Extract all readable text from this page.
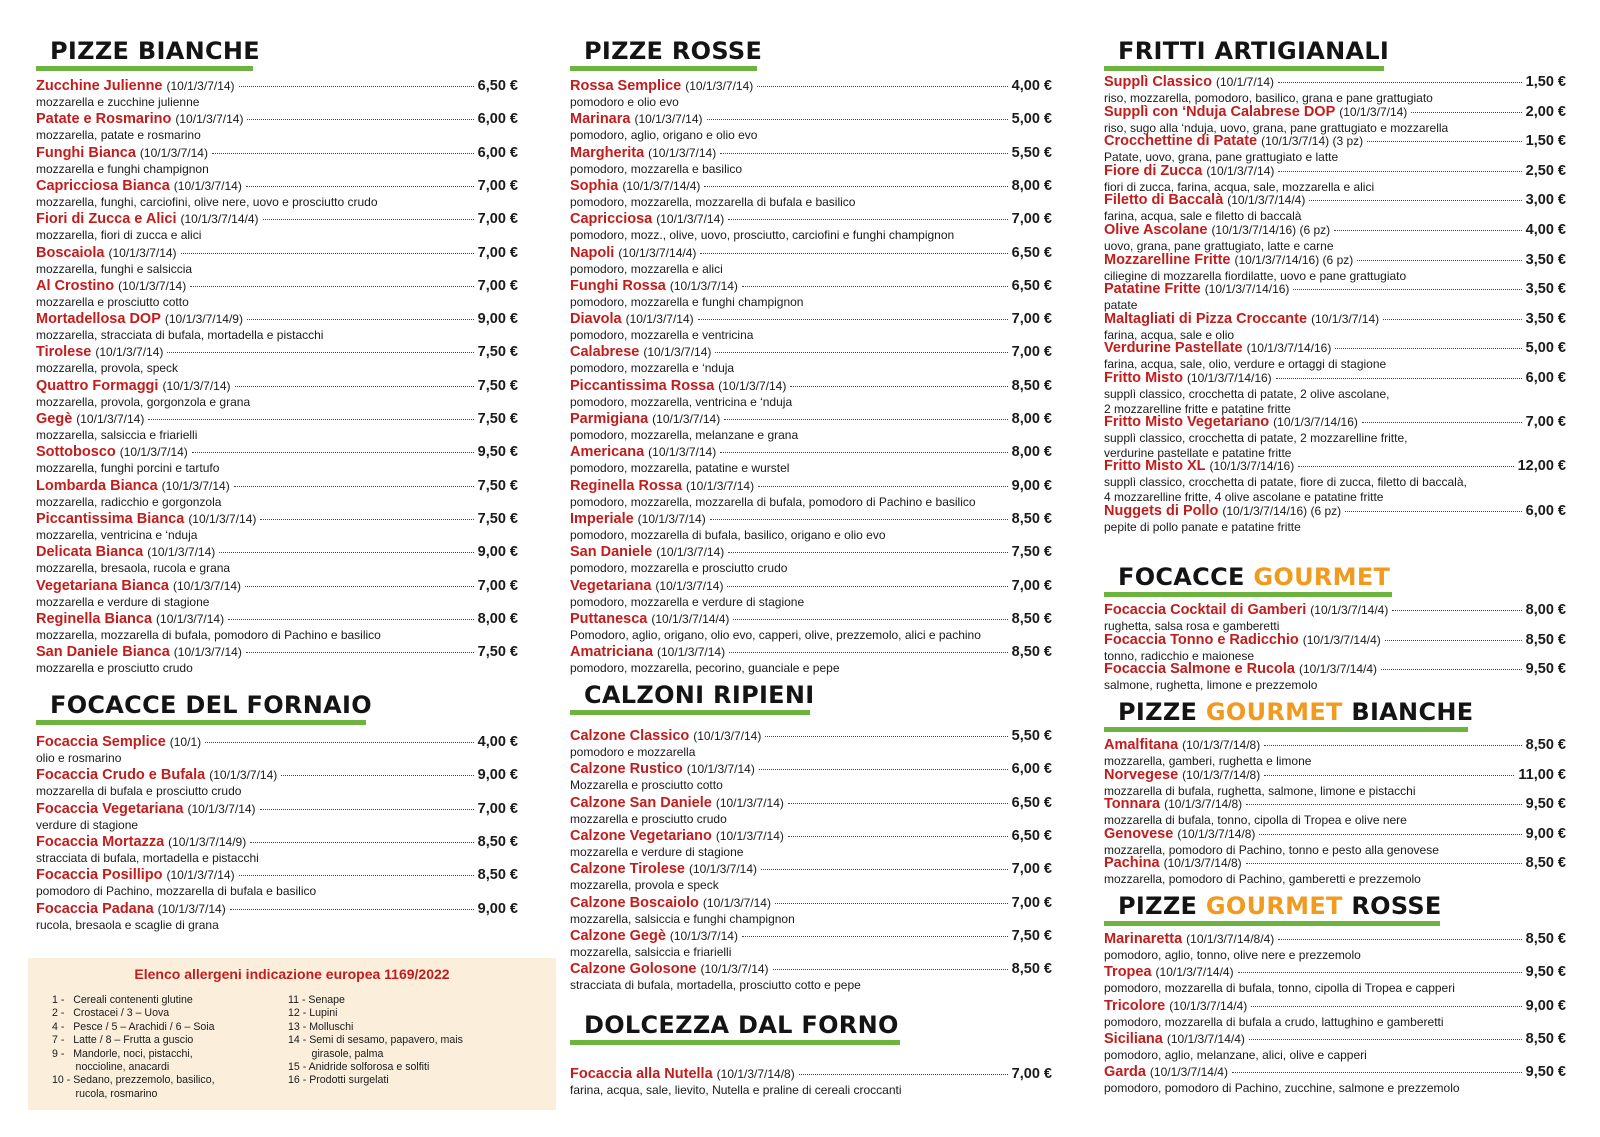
PIZZE BIANCHE
Zucchine Julienne (10/1/3/7/14)	6,50 €
mozzarella e zucchine julienne
Patate e Rosmarino (10/1/3/7/14)	6,00 €
mozzarella, patate e rosmarino
Funghi Bianca (10/1/3/7/14)	6,00 €
mozzarella e funghi champignon
Capricciosa Bianca (10/1/3/7/14)	7,00 €
mozzarella, funghi, carciofini, olive nere, uovo e prosciutto crudo
Fiori di Zucca e Alici (10/1/3/7/14/4)	7,00 €
mozzarella, fiori di zucca e alici
Boscaiola (10/1/3/7/14)	7,00 €
mozzarella, funghi e salsiccia
Al Crostino (10/1/3/7/14)	7,00 €
mozzarella e prosciutto cotto
Mortadellosa DOP (10/1/3/7/14/9)	9,00 €
mozzarella, stracciata di bufala, mortadella e pistacchi
Tirolese (10/1/3/7/14)	7,50 €
mozzarella, provola, speck
Quattro Formaggi (10/1/3/7/14)	7,50 €
mozzarella, provola, gorgonzola e grana
Gegè (10/1/3/7/14)	7,50 €
mozzarella, salsiccia e friarielli
Sottobosco (10/1/3/7/14)	9,50 €
mozzarella, funghi porcini e tartufo
Lombarda Bianca (10/1/3/7/14)	7,50 €
mozzarella, radicchio e gorgonzola
Piccantissima Bianca (10/1/3/7/14)	7,50 €
mozzarella, ventricina e ‘nduja
Delicata Bianca (10/1/3/7/14)	9,00 €
mozzarella, bresaola, rucola e grana
Vegetariana Bianca (10/1/3/7/14)	7,00 €
mozzarella e verdure di stagione
Reginella Bianca (10/1/3/7/14)	8,00 €
mozzarella, mozzarella di bufala, pomodoro di Pachino e basilico
San Daniele Bianca (10/1/3/7/14)	7,50 €
mozzarella e prosciutto crudo
FOCACCE DEL FORNAIO
Focaccia Semplice (10/1)	4,00 €
olio e rosmarino
Focaccia Crudo e Bufala (10/1/3/7/14)	9,00 €
mozzarella di bufala e prosciutto crudo
Focaccia Vegetariana (10/1/3/7/14)	7,00 €
verdure di stagione
Focaccia Mortazza (10/1/3/7/14/9)	8,50 €
stracciata di bufala, mortadella e pistacchi
Focaccia Posillipo (10/1/3/7/14)	8,50 €
pomodoro di Pachino, mozzarella di bufala e basilico
Focaccia Padana (10/1/3/7/14)	9,00 €
rucola, bresaola e scaglie di grana
Elenco allergeni indicazione europea 1169/2022
1 -   Cereali contenenti glutine
2 -   Crostacei / 3 – Uova
4 -   Pesce / 5 – Arachidi / 6 – Soia
7 -   Latte / 8 – Frutta a guscio
9 -   Mandorle, noci, pistacchi,
noccioline, anacardi
10 - Sedano, prezzemolo, basilico,
rucola, rosmarino
11 - Senape
12 - Lupini
13 - Molluschi
14 - Semi di sesamo, papavero, mais
girasole, palma
15 - Anidride solforosa e solfiti
16 - Prodotti surgelati
PIZZE ROSSE
Rossa Semplice (10/1/3/7/14)	4,00 €
pomodoro e olio evo
Marinara (10/1/3/7/14)	5,00 €
pomodoro, aglio, origano e olio evo
Margherita (10/1/3/7/14)	5,50 €
pomodoro, mozzarella e basilico
Sophia (10/1/3/7/14/4)	8,00 €
pomodoro, mozzarella, mozzarella di bufala e basilico
Capricciosa (10/1/3/7/14)	7,00 €
pomodoro, mozz., olive, uovo, prosciutto, carciofini e funghi champignon
Napoli (10/1/3/7/14/4)	6,50 €
pomodoro, mozzarella e alici
Funghi Rossa (10/1/3/7/14)	6,50 €
pomodoro, mozzarella e funghi champignon
Diavola (10/1/3/7/14)	7,00 €
pomodoro, mozzarella e ventricina
Calabrese (10/1/3/7/14)	7,00 €
pomodoro, mozzarella e ‘nduja
Piccantissima Rossa (10/1/3/7/14)	8,50 €
pomodoro, mozzarella, ventricina e ‘nduja
Parmigiana (10/1/3/7/14)	8,00 €
pomodoro, mozzarella, melanzane e grana
Americana (10/1/3/7/14)	8,00 €
pomodoro, mozzarella, patatine e wurstel
Reginella Rossa (10/1/3/7/14)	9,00 €
pomodoro, mozzarella, mozzarella di bufala, pomodoro di Pachino e basilico
Imperiale (10/1/3/7/14)	8,50 €
pomodoro, mozzarella di bufala, basilico, origano e olio evo
San Daniele (10/1/3/7/14)	7,50 €
pomodoro, mozzarella e prosciutto crudo
Vegetariana (10/1/3/7/14)	7,00 €
pomodoro, mozzarella e verdure di stagione
Puttanesca (10/1/3/7/14/4)	8,50 €
Pomodoro, aglio, origano, olio evo, capperi, olive, prezzemolo, alici e pachino
Amatriciana (10/1/3/7/14)	8,50 €
pomodoro, mozzarella, pecorino, guanciale e pepe
CALZONI RIPIENI
Calzone Classico (10/1/3/7/14)	5,50 €
pomodoro e mozzarella
Calzone Rustico (10/1/3/7/14)	6,00 €
Mozzarella e prosciutto cotto
Calzone San Daniele (10/1/3/7/14)	6,50 €
mozzarella e prosciutto crudo
Calzone Vegetariano (10/1/3/7/14)	6,50 €
mozzarella e verdure di stagione
Calzone Tirolese (10/1/3/7/14)	7,00 €
mozzarella, provola e speck
Calzone Boscaiolo (10/1/3/7/14)	7,00 €
mozzarella, salsiccia e funghi champignon
Calzone Gegè (10/1/3/7/14)	7,50 €
mozzarella, salsiccia e friarielli
Calzone Golosone (10/1/3/7/14)	8,50 €
stracciata di bufala, mortadella, prosciutto cotto e pepe
DOLCEZZA DAL FORNO
Focaccia alla Nutella (10/1/3/7/14/8)	7,00 €
farina, acqua, sale, lievito, Nutella e praline di cereali croccanti
FRITTI ARTIGIANALI
Supplì Classico (10/1/7/14)	1,50 €
riso, mozzarella, pomodoro, basilico, grana e pane grattugiato
Supplì con ‘Nduja Calabrese DOP (10/1/3/7/14)	2,00 €
riso, sugo alla ‘nduja, uovo, grana, pane grattugiato e mozzarella
Crocchettine di Patate (10/1/3/7/14) (3 pz)	1,50 €
Patate, uovo, grana, pane grattugiato e latte
Fiore di Zucca (10/1/3/7/14)	2,50 €
fiori di zucca, farina, acqua, sale, mozzarella e alici
Filetto di Baccalà (10/1/3/7/14/4)	3,00 €
farina, acqua, sale e filetto di baccalà
Olive Ascolane (10/1/3/7/14/16) (6 pz)	4,00 €
uovo, grana, pane grattugiato, latte e carne
Mozzarelline Fritte (10/1/3/7/14/16) (6 pz)	3,50 €
ciliegine di mozzarella fiordilatte, uovo e pane grattugiato
Patatine Fritte (10/1/3/7/14/16)	3,50 €
patate
Maltagliati di Pizza Croccante (10/1/3/7/14)	3,50 €
farina, acqua, sale e olio
Verdurine Pastellate (10/1/3/7/14/16)	5,00 €
farina, acqua, sale, olio, verdure e ortaggi di stagione
Fritto Misto (10/1/3/7/14/16)	6,00 €
supplì classico, crocchetta di patate, 2 olive ascolane,
2 mozzarelline fritte e patatine fritte
Fritto Misto Vegetariano (10/1/3/7/14/16)	7,00 €
supplì classico, crocchetta di patate, 2 mozzarelline fritte,
verdurine pastellate e patatine fritte
Fritto Misto XL (10/1/3/7/14/16)	12,00 €
supplì classico, crocchetta di patate, fiore di zucca, filetto di baccalà,
4 mozzarelline fritte, 4 olive ascolane e patatine fritte
Nuggets di Pollo (10/1/3/7/14/16) (6 pz)	6,00 €
pepite di pollo panate e patatine fritte
FOCACCE GOURMET
Focaccia Cocktail di Gamberi (10/1/3/7/14/4)	8,00 €
rughetta, salsa rosa e gamberetti
Focaccia Tonno e Radicchio (10/1/3/7/14/4)	8,50 €
tonno, radicchio e maionese
Focaccia Salmone e Rucola (10/1/3/7/14/4)	9,50 €
salmone, rughetta, limone e prezzemolo
PIZZE GOURMET BIANCHE
Amalfitana (10/1/3/7/14/8)	8,50 €
mozzarella, gamberi, rughetta e limone
Norvegese (10/1/3/7/14/8)	11,00 €
mozzarella di bufala, rughetta, salmone, limone e pistacchi
Tonnara (10/1/3/7/14/8)	9,50 €
mozzarella di bufala, tonno, cipolla di Tropea e olive nere
Genovese (10/1/3/7/14/8)	9,00 €
mozzarella, pomodoro di Pachino, tonno e pesto alla genovese
Pachina (10/1/3/7/14/8)	8,50 €
mozzarella, pomodoro di Pachino, gamberetti e prezzemolo
PIZZE GOURMET ROSSE
Marinaretta (10/1/3/7/14/8/4)	8,50 €
pomodoro, aglio, tonno, olive nere e prezzemolo
Tropea (10/1/3/7/14/4)	9,50 €
pomodoro, mozzarella di bufala, tonno, cipolla di Tropea e capperi
Tricolore (10/1/3/7/14/4)	9,00 €
pomodoro, mozzarella di bufala a crudo, lattughino e gamberetti
Siciliana (10/1/3/7/14/4)	8,50 €
pomodoro, aglio, melanzane, alici, olive e capperi
Garda (10/1/3/7/14/4)	9,50 €
pomodoro, pomodoro di Pachino, zucchine, salmone e prezzemolo
